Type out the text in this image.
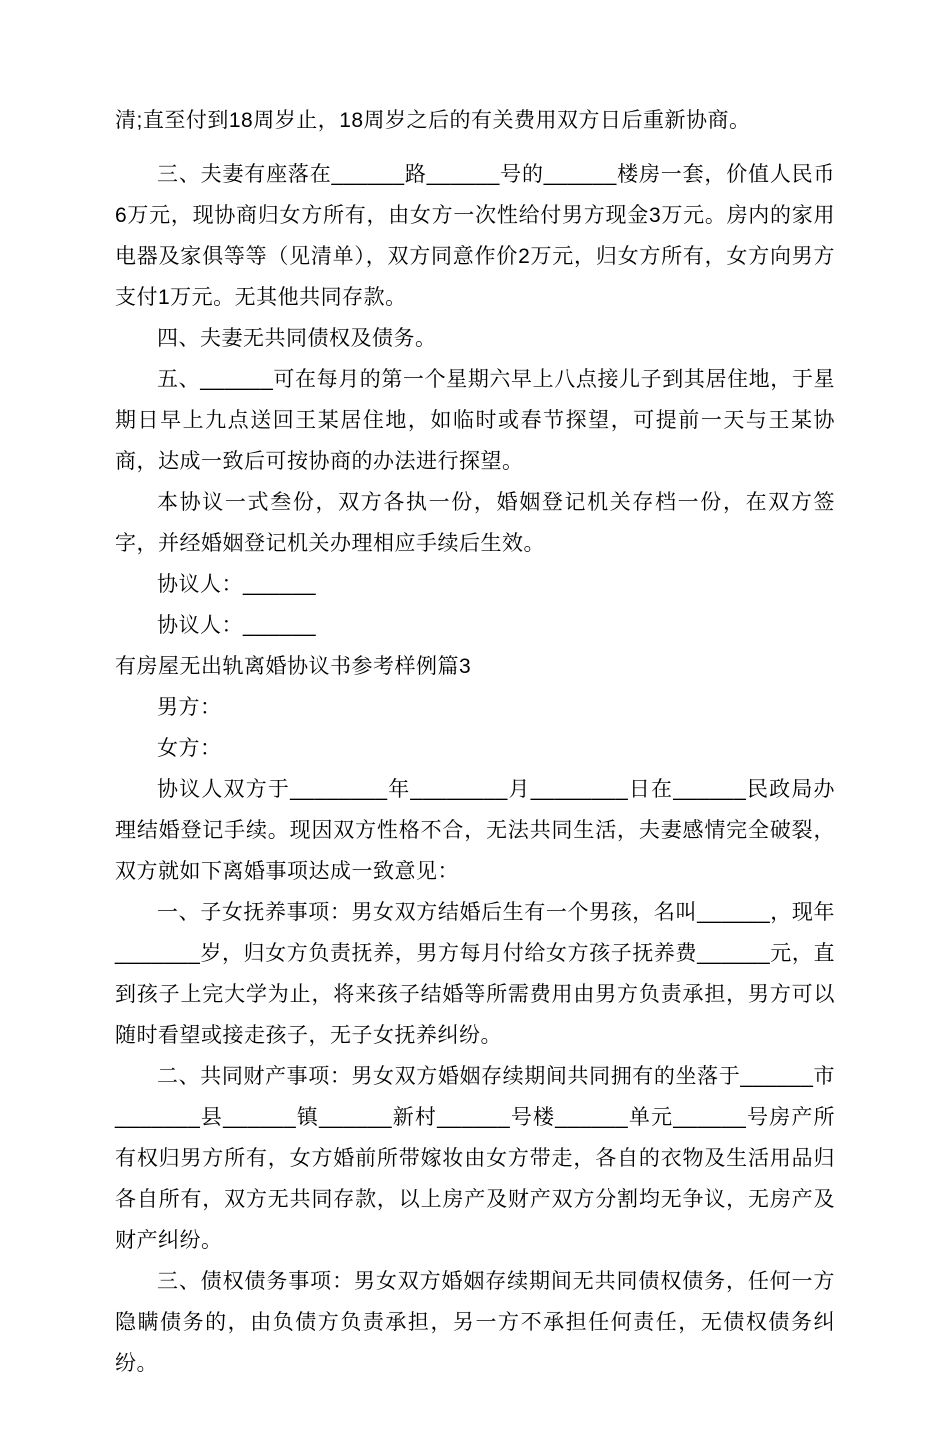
清;直至付到18周岁止，18周岁之后的有关费用双方日后重新协商。

三、夫妻有座落在______路______号的______楼房一套，价值人民币6万元，现协商归女方所有，由女方一次性给付男方现金3万元。房内的家用电器及家俱等等（见清单），双方同意作价2万元，归女方所有，女方向男方支付1万元。无其他共同存款。

四、夫妻无共同债权及债务。

五、______可在每月的第一个星期六早上八点接儿子到其居住地，于星期日早上九点送回王某居住地，如临时或春节探望，可提前一天与王某协商，达成一致后可按协商的办法进行探望。

本协议一式叁份，双方各执一份，婚姻登记机关存档一份，在双方签字，并经婚姻登记机关办理相应手续后生效。

协议人：______

协议人：______

有房屋无出轨离婚协议书参考样例篇3

男方：

女方：

协议人双方于________年________月________日在______民政局办理结婚登记手续。现因双方性格不合，无法共同生活，夫妻感情完全破裂，双方就如下离婚事项达成一致意见：

一、子女抚养事项：男女双方结婚后生有一个男孩，名叫______，现年_______岁，归女方负责抚养，男方每月付给女方孩子抚养费______元，直到孩子上完大学为止，将来孩子结婚等所需费用由男方负责承担，男方可以随时看望或接走孩子，无子女抚养纠纷。

二、共同财产事项：男女双方婚姻存续期间共同拥有的坐落于______市_______县______镇______新村______号楼______单元______号房产所有权归男方所有，女方婚前所带嫁妆由女方带走，各自的衣物及生活用品归各自所有，双方无共同存款，以上房产及财产双方分割均无争议，无房产及财产纠纷。

三、债权债务事项：男女双方婚姻存续期间无共同债权债务，任何一方隐瞒债务的，由负债方负责承担，另一方不承担任何责任，无债权债务纠纷。
